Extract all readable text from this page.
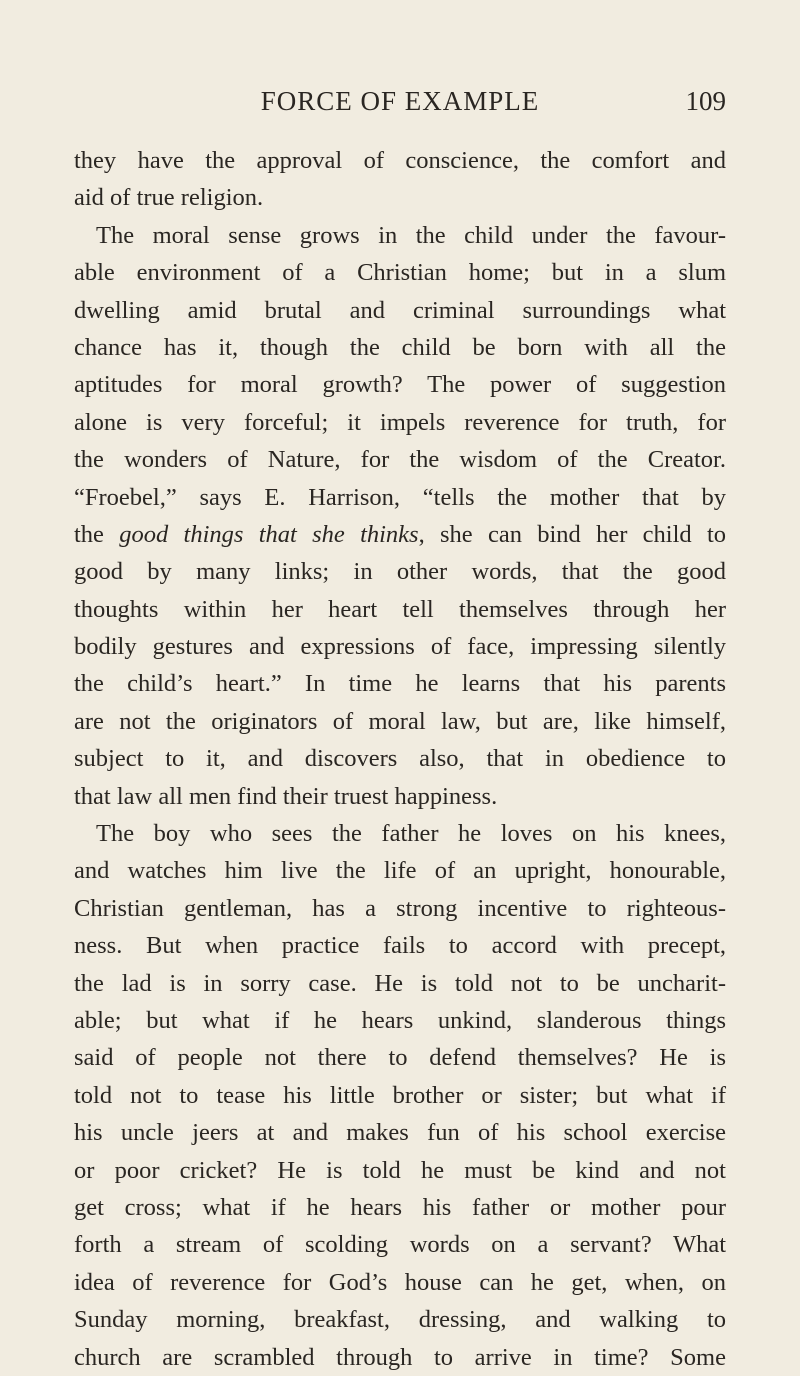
FORCE OF EXAMPLE	109
they have the approval of conscience, the comfort and
aid of true religion.
The moral sense grows in the child under the favour-
able environment of a Christian home; but in a slum
dwelling amid brutal and criminal surroundings what
chance has it, though the child be born with all the
aptitudes for moral growth? The power of suggestion
alone is very forceful; it impels reverence for truth, for
the wonders of Nature, for the wisdom of the Creator.
“Froebel,” says E. Harrison, “tells the mother that by
the good things that she thinks, she can bind her child to
good by many links; in other words, that the good
thoughts within her heart tell themselves through her
bodily gestures and expressions of face, impressing silently
the child’s heart.” In time he learns that his parents
are not the originators of moral law, but are, like himself,
subject to it, and discovers also, that in obedience to
that law all men find their truest happiness.
The boy who sees the father he loves on his knees,
and watches him live the life of an upright, honourable,
Christian gentleman, has a strong incentive to righteous-
ness. But when practice fails to accord with precept,
the lad is in sorry case. He is told not to be uncharit-
able; but what if he hears unkind, slanderous things
said of people not there to defend themselves? He is
told not to tease his little brother or sister; but what if
his uncle jeers at and makes fun of his school exercise
or poor cricket? He is told he must be kind and not
get cross; what if he hears his father or mother pour
forth a stream of scolding words on a servant? What
idea of reverence for God’s house can he get, when, on
Sunday morning, breakfast, dressing, and walking to
church are scrambled through to arrive in time? Some
